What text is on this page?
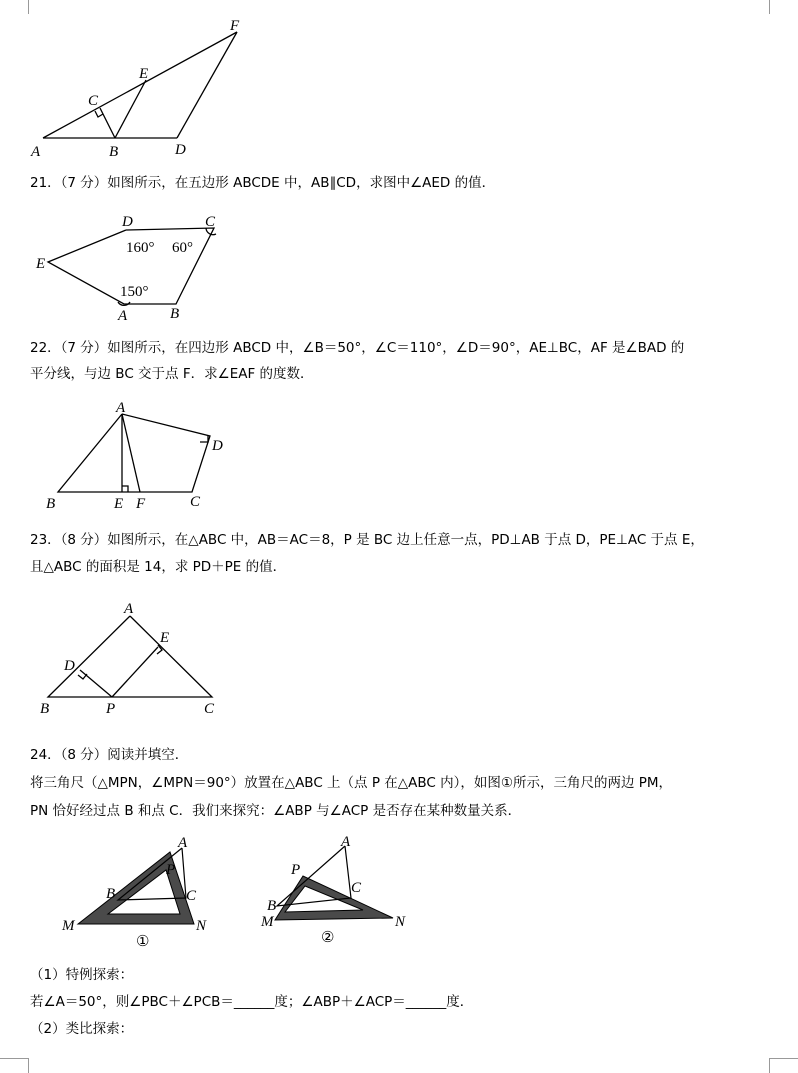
A	B	D
C
E
F
21．（7 分）如图所示，在五边形 ABCDE 中，AB∥CD，求图中∠AED 的值．
D	C
E
A	B
160° 60°
150°
22．（7 分）如图所示，在四边形 ABCD 中，∠B＝50°，∠C＝110°，∠D＝90°，AE⊥BC，AF 是∠BAD 的
平分线，与边 BC 交于点 F．求∠EAF 的度数．
A
D
B	E F	C
23．（8 分）如图所示，在△ABC 中，AB＝AC＝8，P 是 BC 边上任意一点，PD⊥AB 于点 D，PE⊥AC 于点 E，
且△ABC 的面积是 14，求 PD＋PE 的值．
A
E
D
B	P	C
24．（8 分）阅读并填空．
将三角尺（△MPN，∠MPN＝90°）放置在△ABC 上（点 P 在△ABC 内），如图①所示，三角尺的两边 PM，
PN 恰好经过点 B 和点 C．我们来探究：∠ABP 与∠ACP 是否存在某种数量关系．
A
P
B	C
M	N
①
A
P
C
B
M	N
②
（1）特例探索：
若∠A＝50°，则∠PBC＋∠PCB＝______度；∠ABP＋∠ACP＝______度．
（2）类比探索：
